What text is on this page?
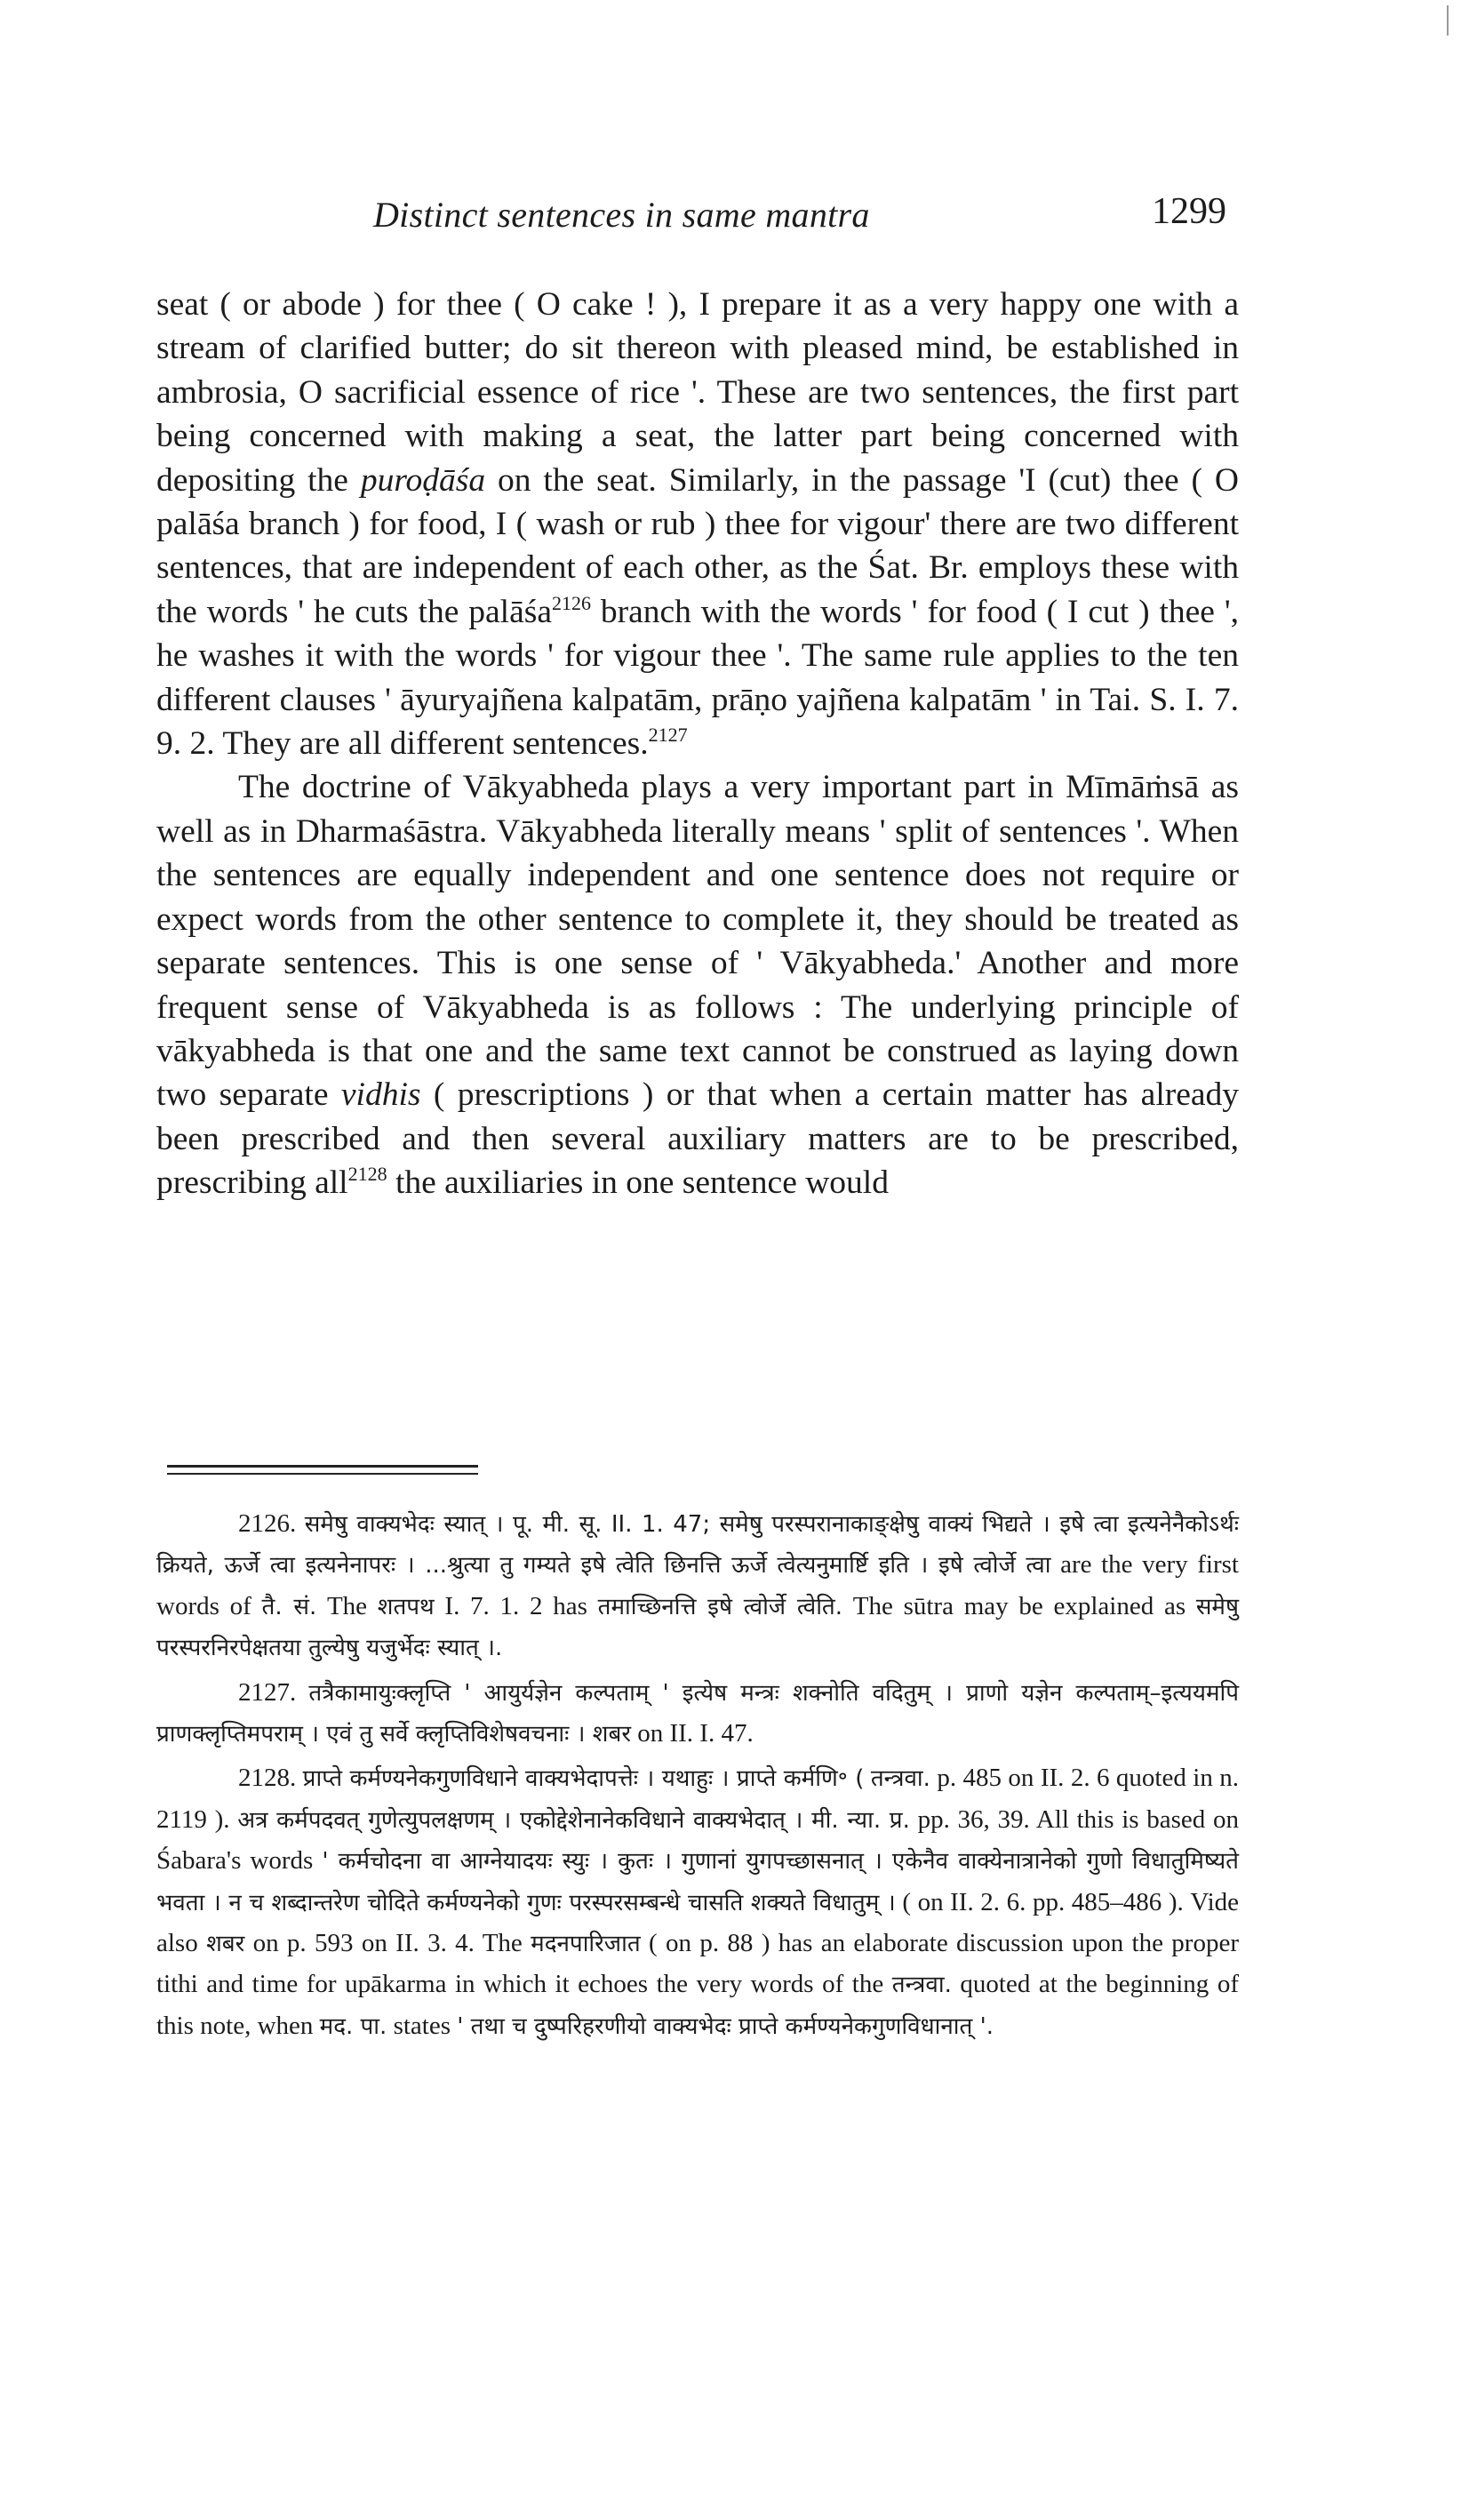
Distinct sentences in same mantra	1299

seat ( or abode ) for thee ( O cake ! ), I prepare it as a very happy one with a stream of clarified butter; do sit thereon with pleased mind, be established in ambrosia, O sacrificial essence of rice '. These are two sentences, the first part being concerned with making a seat, the latter part being concerned with depositing the puroḍāśa on the seat. Similarly, in the passage 'I (cut) thee ( O palāśa branch ) for food, I ( wash or rub ) thee for vigour' there are two different sentences, that are independent of each other, as the Śat. Br. employs these with the words ' he cuts the palāśa$^{2126}$ branch with the words ' for food ( I cut ) thee ', he washes it with the words ' for vigour thee '. The same rule applies to the ten different clauses ' āyuryajñena kalpatām, prāṇo yajñena kalpatām ' in Tai. S. I. 7. 9. 2. They are all different sentences.$^{2127}$

The doctrine of Vākyabheda plays a very important part in Mīmāṁsā as well as in Dharmaśāstra. Vākyabheda literally means ' split of sentences '. When the sentences are equally independent and one sentence does not require or expect words from the other sentence to complete it, they should be treated as separate sentences. This is one sense of ' Vākyabheda.' Another and more frequent sense of Vākyabheda is as follows : The underlying principle of vākyabheda is that one and the same text cannot be construed as laying down two separate vidhis ( prescriptions ) or that when a certain matter has already been prescribed and then several auxiliary matters are to be prescribed, prescribing all$^{2128}$ the auxiliaries in one sentence would

2126. समेषु वाक्यभेदः स्यात् । पू. मी. सू. II. 1. 47; समेषु परस्परानाकाङ्क्षेषु वाक्यं भिद्यते । इषे त्वा इत्यनेनैकोऽर्थः क्रियते, ऊर्जे त्वा इत्यनेनापरः । ...श्रुत्या तु गम्यते इषे त्वेति छिनत्ति ऊर्जे त्वेत्यनुमार्ष्टि इति । इषे त्वोर्जे त्वा are the very first words of तै. सं. The शतपथ I. 7. 1. 2 has तमाच्छिनत्ति इषे त्वोर्जे त्वेति. The sūtra may be explained as समेषु परस्परनिरपेक्षतया तुल्येषु यजुर्भेदः स्यात् ।.

2127. तत्रैकामायुःक्लृप्ति ' आयुर्यज्ञेन कल्पताम् ' इत्येष मन्त्रः शक्नोति वदितुम् । प्राणो यज्ञेन कल्पताम्–इत्ययमपि प्राणक्लृप्तिमपराम् । एवं तु सर्वे क्लृप्तिविशेषवचनाः । शबर on II. I. 47.

2128. प्राप्ते कर्मण्यनेकगुणविधाने वाक्यभेदापत्तेः । यथाहुः । प्राप्ते कर्मणि॰ ( तन्त्रवा. p. 485 on II. 2. 6 quoted in n. 2119 ). अत्र कर्मपदवत् गुणेत्युपलक्षणम् । एकोद्देशेनानेकविधाने वाक्यभेदात् । मी. न्या. प्र. pp. 36, 39. All this is based on Śabara's words ' कर्मचोदना वा आग्नेयादयः स्युः । कुतः । गुणानां युगपच्छासनात् । एकेनैव वाक्येनात्रानेको गुणो विधातुमिष्यते भवता । न च शब्दान्तरेण चोदिते कर्मण्यनेको गुणः परस्परसम्बन्धे चासति शक्यते विधातुम् । ( on II. 2. 6. pp. 485–486 ). Vide also शबर on p. 593 on II. 3. 4. The मदनपारिजात ( on p. 88 ) has an elaborate discussion upon the proper tithi and time for upākarma in which it echoes the very words of the तन्त्रवा. quoted at the beginning of this note, when मद. पा. states ' तथा च दुष्परिहरणीयो वाक्यभेदः प्राप्ते कर्मण्यनेकगुणविधानात् '.
